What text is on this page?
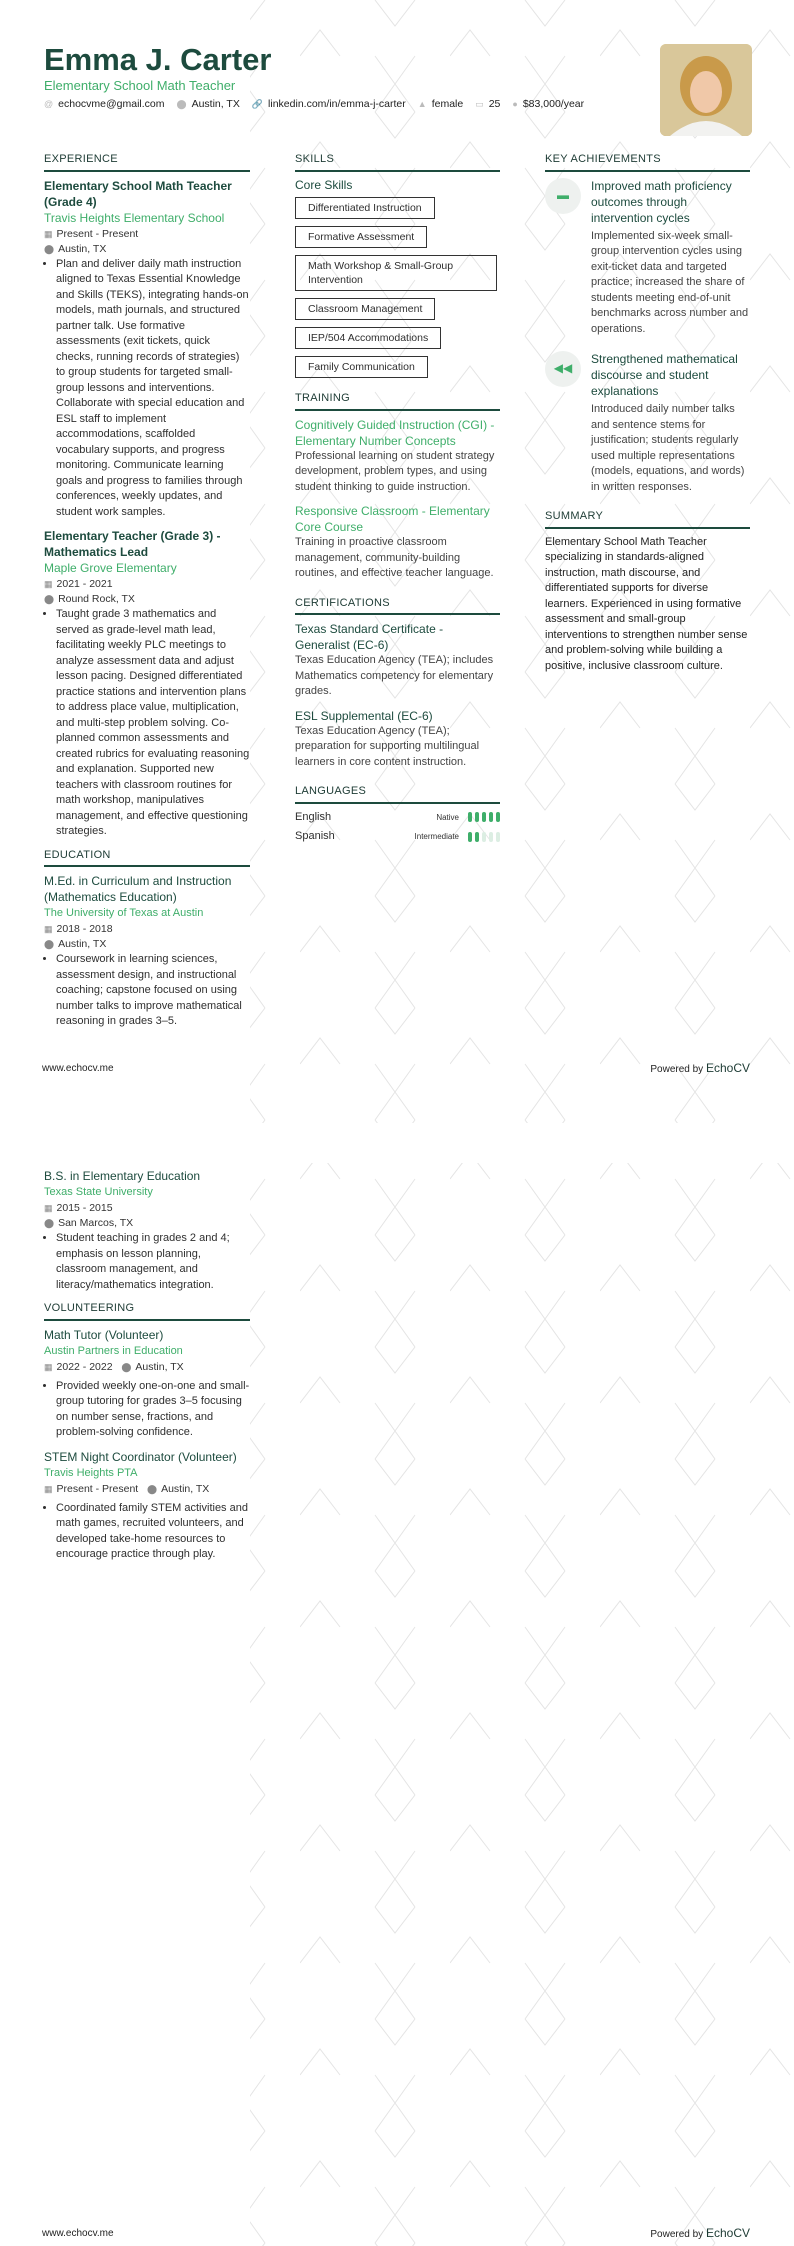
Emma J. Carter
Elementary School Math Teacher
@ echocvme@gmail.com ⬤ Austin, TX 🔗 linkedin.com/in/emma-j-carter ▲ female ▭ 25 ● $83,000/year
EXPERIENCE
Elementary School Math Teacher (Grade 4)
Travis Heights Elementary School
▦ Present - Present
⬤ Austin, TX
• Plan and deliver daily math instruction aligned to Texas Essential Knowledge and Skills (TEKS), integrating hands-on models, math journals, and structured partner talk. Use formative assessments (exit tickets, quick checks, running records of strategies) to group students for targeted small-group lessons and interventions. Collaborate with special education and ESL staff to implement accommodations, scaffolded vocabulary supports, and progress monitoring. Communicate learning goals and progress to families through conferences, weekly updates, and student work samples.
Elementary Teacher (Grade 3) - Mathematics Lead
Maple Grove Elementary
▦ 2021 - 2021
⬤ Round Rock, TX
• Taught grade 3 mathematics and served as grade-level math lead, facilitating weekly PLC meetings to analyze assessment data and adjust lesson pacing. Designed differentiated practice stations and intervention plans to address place value, multiplication, and multi-step problem solving. Co-planned common assessments and created rubrics for evaluating reasoning and explanation. Supported new teachers with classroom routines for math workshop, manipulatives management, and effective questioning strategies.
EDUCATION
M.Ed. in Curriculum and Instruction (Mathematics Education)
The University of Texas at Austin
▦ 2018 - 2018
⬤ Austin, TX
• Coursework in learning sciences, assessment design, and instructional coaching; capstone focused on using number talks to improve mathematical reasoning in grades 3–5.
SKILLS
Core Skills
Differentiated Instruction
Formative Assessment
Math Workshop & Small-Group Intervention
Classroom Management
IEP/504 Accommodations
Family Communication
TRAINING
Cognitively Guided Instruction (CGI) - Elementary Number Concepts
Professional learning on student strategy development, problem types, and using student thinking to guide instruction.
Responsive Classroom - Elementary Core Course
Training in proactive classroom management, community-building routines, and effective teacher language.
CERTIFICATIONS
Texas Standard Certificate - Generalist (EC-6)
Texas Education Agency (TEA); includes Mathematics competency for elementary grades.
ESL Supplemental (EC-6)
Texas Education Agency (TEA); preparation for supporting multilingual learners in core content instruction.
LANGUAGES
English	Native
Spanish	Intermediate
KEY ACHIEVEMENTS
▬
Improved math proficiency outcomes through intervention cycles
Implemented six-week small-group intervention cycles using exit-ticket data and targeted practice; increased the share of students meeting end-of-unit benchmarks across number and operations.
◀◀
Strengthened mathematical discourse and student explanations
Introduced daily number talks and sentence stems for justification; students regularly used multiple representations (models, equations, and words) in written responses.
SUMMARY
Elementary School Math Teacher specializing in standards-aligned instruction, math discourse, and differentiated supports for diverse learners. Experienced in using formative assessment and small-group interventions to strengthen number sense and problem-solving while building a positive, inclusive classroom culture.
www.echocv.me	Powered by EchoCV
B.S. in Elementary Education
Texas State University
▦ 2015 - 2015
⬤ San Marcos, TX
• Student teaching in grades 2 and 4; emphasis on lesson planning, classroom management, and literacy/mathematics integration.
VOLUNTEERING
Math Tutor (Volunteer)
Austin Partners in Education
▦ 2022 - 2022 ⬤ Austin, TX
• Provided weekly one-on-one and small-group tutoring for grades 3–5 focusing on number sense, fractions, and problem-solving confidence.
STEM Night Coordinator (Volunteer)
Travis Heights PTA
▦ Present - Present ⬤ Austin, TX
• Coordinated family STEM activities and math games, recruited volunteers, and developed take-home resources to encourage practice through play.
www.echocv.me	Powered by EchoCV
